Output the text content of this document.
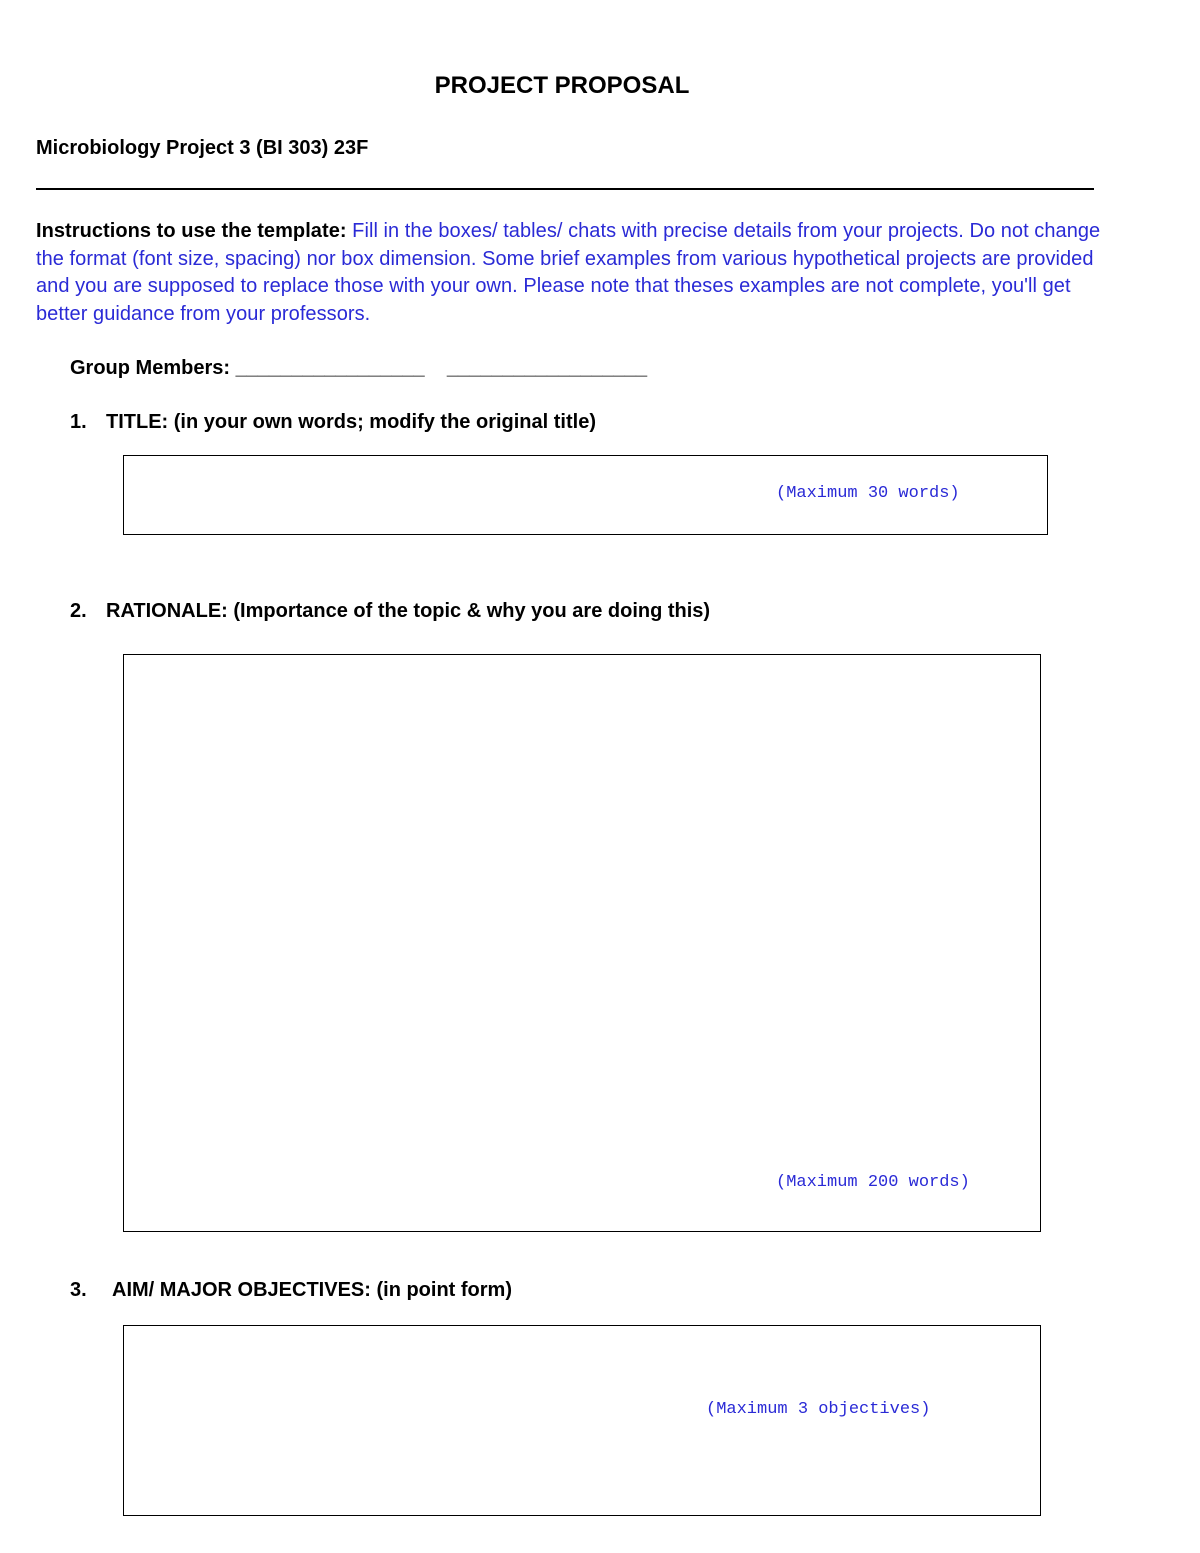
PROJECT PROPOSAL
Microbiology Project 3 (BI 303) 23F
Instructions to use the template: Fill in the boxes/ tables/ chats with precise details from your projects. Do not change the format (font size, spacing) nor box dimension. Some brief examples from various hypothetical projects are provided and you are supposed to replace those with your own. Please note that theses examples are not complete, you'll get better guidance from your professors.
Group Members: _________________    __________________
1. TITLE: (in your own words; modify the original title)
(Maximum 30 words)
2. RATIONALE: (Importance of the topic & why you are doing this)
(Maximum 200 words)
3. AIM/ MAJOR OBJECTIVES: (in point form)
(Maximum 3 objectives)
